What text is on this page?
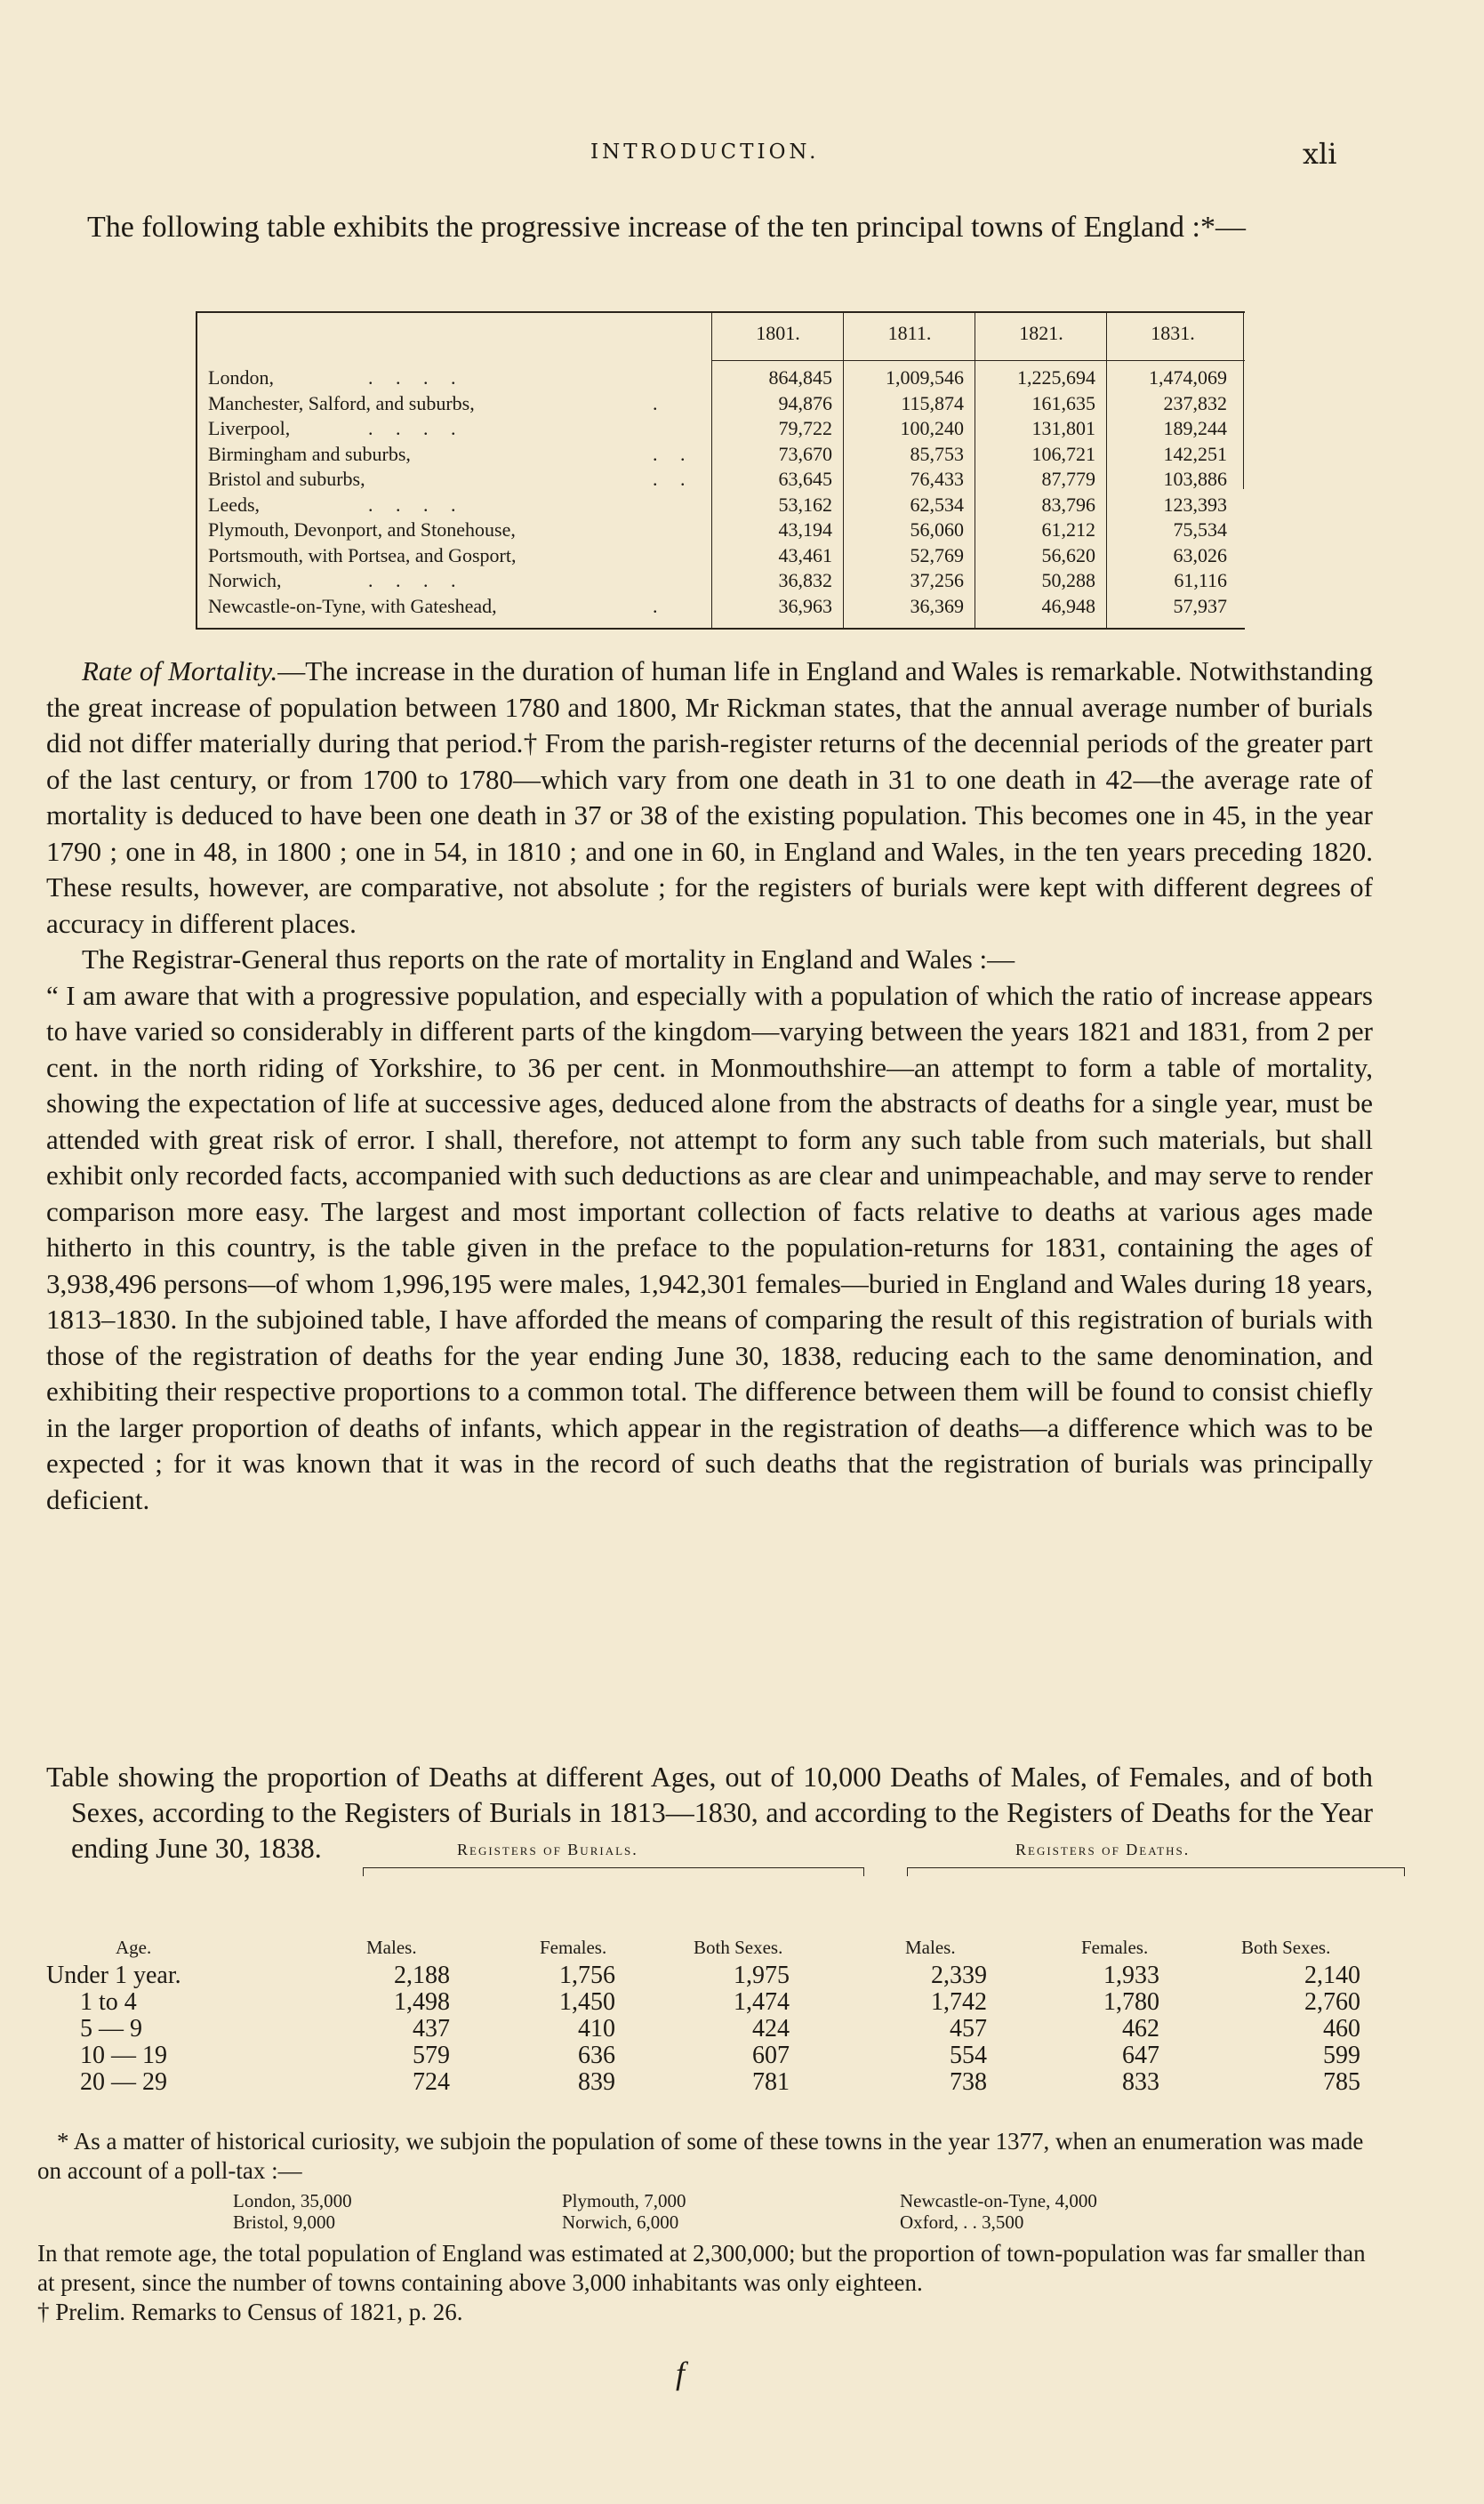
INTRODUCTION.	xli
The following table exhibits the progressive increase of the ten principal towns of England :*—
1801.	1811.	1821.	1831.
London,	. . . .	864,845	1,009,546	1,225,694	1,474,069
Manchester, Salford, and suburbs,	.	94,876	115,874	161,635	237,832
Liverpool,	. . . .	79,722	100,240	131,801	189,244
Birmingham and suburbs,	. .	73,670	85,753	106,721	142,251
Bristol and suburbs,	. .	63,645	76,433	87,779	103,886
Leeds,	. . . .	53,162	62,534	83,796	123,393
Plymouth, Devonport, and Stonehouse,	43,194	56,060	61,212	75,534
Portsmouth, with Portsea, and Gosport,	43,461	52,769	56,620	63,026
Norwich,	. . . .	36,832	37,256	50,288	61,116
Newcastle-on-Tyne, with Gateshead,	.	36,963	36,369	46,948	57,937

Rate of Mortality.—The increase in the duration of human life in England and Wales is remarkable. Notwithstanding the great increase of population between 1780 and 1800, Mr Rickman states, that the annual average number of burials did not differ materially during that period.† From the parish-register returns of the decennial periods of the greater part of the last century, or from 1700 to 1780—which vary from one death in 31 to one death in 42—the average rate of mortality is deduced to have been one death in 37 or 38 of the existing population. This becomes one in 45, in the year 1790 ; one in 48, in 1800 ; one in 54, in 1810 ; and one in 60, in England and Wales, in the ten years preceding 1820. These results, however, are comparative, not absolute ; for the registers of burials were kept with different degrees of accuracy in different places.

The Registrar-General thus reports on the rate of mortality in England and Wales :—

“ I am aware that with a progressive population, and especially with a population of which the ratio of increase appears to have varied so considerably in different parts of the kingdom—varying between the years 1821 and 1831, from 2 per cent. in the north riding of Yorkshire, to 36 per cent. in Monmouthshire—an attempt to form a table of mortality, showing the expectation of life at successive ages, deduced alone from the abstracts of deaths for a single year, must be attended with great risk of error. I shall, therefore, not attempt to form any such table from such materials, but shall exhibit only recorded facts, accompanied with such deductions as are clear and unimpeachable, and may serve to render comparison more easy. The largest and most important collection of facts relative to deaths at various ages made hitherto in this country, is the table given in the preface to the population-returns for 1831, containing the ages of 3,938,496 persons—of whom 1,996,195 were males, 1,942,301 females—buried in England and Wales during 18 years, 1813–1830. In the subjoined table, I have afforded the means of comparing the result of this registration of burials with those of the registration of deaths for the year ending June 30, 1838, reducing each to the same denomination, and exhibiting their respective proportions to a common total. The difference between them will be found to consist chiefly in the larger proportion of deaths of infants, which appear in the registration of deaths—a difference which was to be expected ; for it was known that it was in the record of such deaths that the registration of burials was principally deficient.

Table showing the proportion of Deaths at different Ages, out of 10,000 Deaths of Males, of Females, and of both Sexes, according to the Registers of Burials in 1813—1830, and according to the Registers of Deaths for the Year ending June 30, 1838.	Registers of Burials.	Registers of Deaths.
Age.	Males.	Females.	Both Sexes.	Males.	Females.	Both Sexes.
Under 1 year.	2,188	1,756	1,975	2,339	1,933	2,140
1 to 4	1,498	1,450	1,474	1,742	1,780	2,760
5 — 9	437	410	424	457	462	460
10 — 19	579	636	607	554	647	599
20 — 29	724	839	781	738	833	785

* As a matter of historical curiosity, we subjoin the population of some of these towns in the year 1377, when an enumeration was made on account of a poll-tax :—

London, 35,000	Plymouth, 7,000	Newcastle-on-Tyne, 4,000
Bristol, 9,000	Norwich, 6,000	Oxford, . . 3,500

In that remote age, the total population of England was estimated at 2,300,000; but the proportion of town-population was far smaller than at present, since the number of towns containing above 3,000 inhabitants was only eighteen.

† Prelim. Remarks to Census of 1821, p. 26.

f
